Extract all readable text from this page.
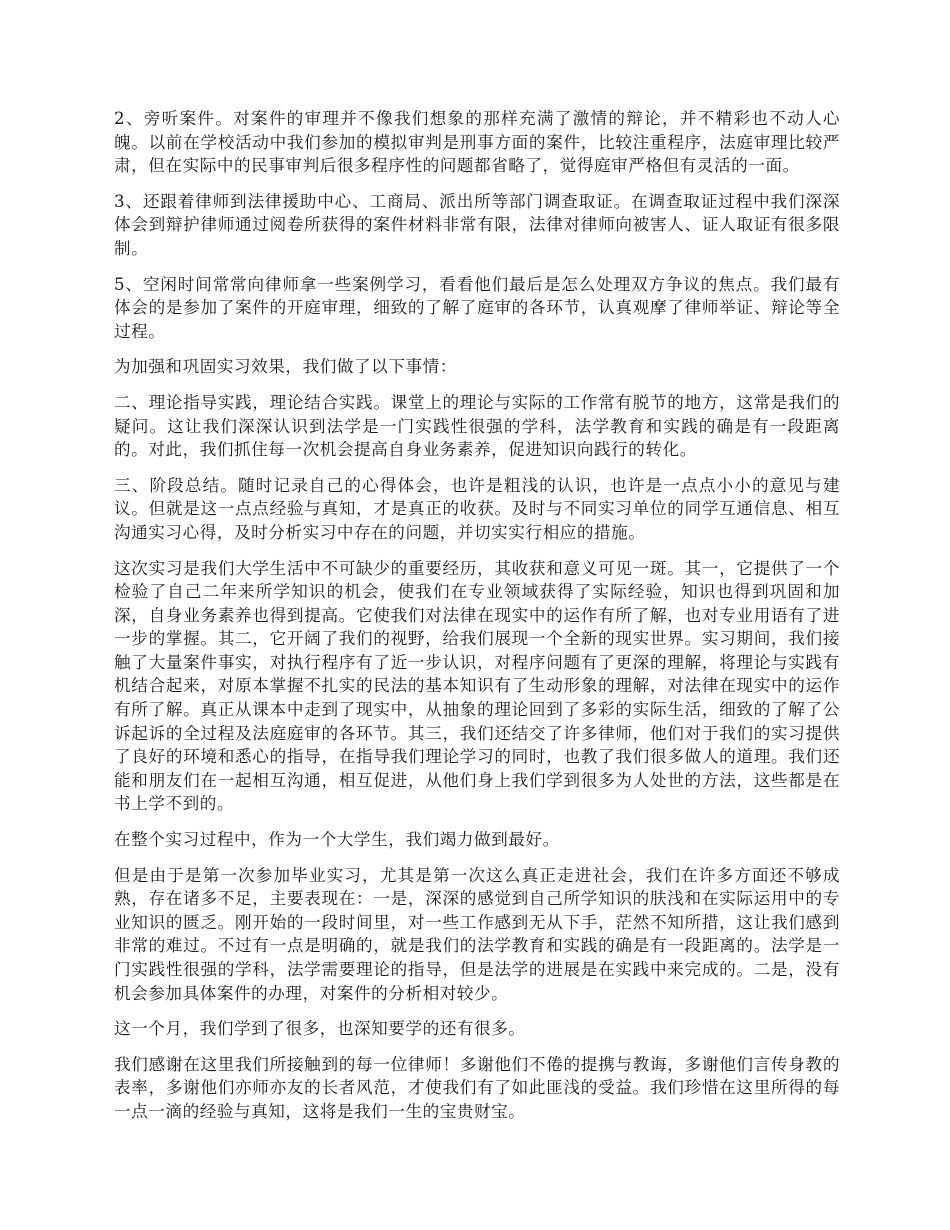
2、旁听案件。对案件的审理并不像我们想象的那样充满了激情的辩论，并不精彩也不动人心魄。以前在学校活动中我们参加的模拟审判是刑事方面的案件，比较注重程序，法庭审理比较严肃，但在实际中的民事审判后很多程序性的问题都省略了，觉得庭审严格但有灵活的一面。

3、还跟着律师到法律援助中心、工商局、派出所等部门调查取证。在调查取证过程中我们深深体会到辩护律师通过阅卷所获得的案件材料非常有限，法律对律师向被害人、证人取证有很多限制。

5、空闲时间常常向律师拿一些案例学习，看看他们最后是怎么处理双方争议的焦点。我们最有体会的是参加了案件的开庭审理，细致的了解了庭审的各环节，认真观摩了律师举证、辩论等全过程。

为加强和巩固实习效果，我们做了以下事情：

二、理论指导实践，理论结合实践。课堂上的理论与实际的工作常有脱节的地方，这常是我们的疑问。这让我们深深认识到法学是一门实践性很强的学科，法学教育和实践的确是有一段距离的。对此，我们抓住每一次机会提高自身业务素养，促进知识向践行的转化。

三、阶段总结。随时记录自己的心得体会，也许是粗浅的认识，也许是一点点小小的意见与建议。但就是这一点点经验与真知，才是真正的收获。及时与不同实习单位的同学互通信息、相互沟通实习心得，及时分析实习中存在的问题，并切实实行相应的措施。

这次实习是我们大学生活中不可缺少的重要经历，其收获和意义可见一斑。其一，它提供了一个检验了自己二年来所学知识的机会，使我们在专业领域获得了实际经验，知识也得到巩固和加深，自身业务素养也得到提高。它使我们对法律在现实中的运作有所了解，也对专业用语有了进一步的掌握。其二，它开阔了我们的视野，给我们展现一个全新的现实世界。实习期间，我们接触了大量案件事实，对执行程序有了近一步认识，对程序问题有了更深的理解，将理论与实践有机结合起来，对原本掌握不扎实的民法的基本知识有了生动形象的理解，对法律在现实中的运作有所了解。真正从课本中走到了现实中，从抽象的理论回到了多彩的实际生活，细致的了解了公诉起诉的全过程及法庭庭审的各环节。其三，我们还结交了许多律师，他们对于我们的实习提供了良好的环境和悉心的指导，在指导我们理论学习的同时，也教了我们很多做人的道理。我们还能和朋友们在一起相互沟通，相互促进，从他们身上我们学到很多为人处世的方法，这些都是在书上学不到的。

在整个实习过程中，作为一个大学生，我们竭力做到最好。

但是由于是第一次参加毕业实习，尤其是第一次这么真正走进社会，我们在许多方面还不够成熟，存在诸多不足，主要表现在：一是，深深的感觉到自己所学知识的肤浅和在实际运用中的专业知识的匮乏。刚开始的一段时间里，对一些工作感到无从下手，茫然不知所措，这让我们感到非常的难过。不过有一点是明确的，就是我们的法学教育和实践的确是有一段距离的。法学是一门实践性很强的学科，法学需要理论的指导，但是法学的进展是在实践中来完成的。二是，没有机会参加具体案件的办理，对案件的分析相对较少。

这一个月，我们学到了很多，也深知要学的还有很多。

我们感谢在这里我们所接触到的每一位律师！多谢他们不倦的提携与教诲，多谢他们言传身教的表率，多谢他们亦师亦友的长者风范，才使我们有了如此匪浅的受益。我们珍惜在这里所得的每一点一滴的经验与真知，这将是我们一生的宝贵财宝。
